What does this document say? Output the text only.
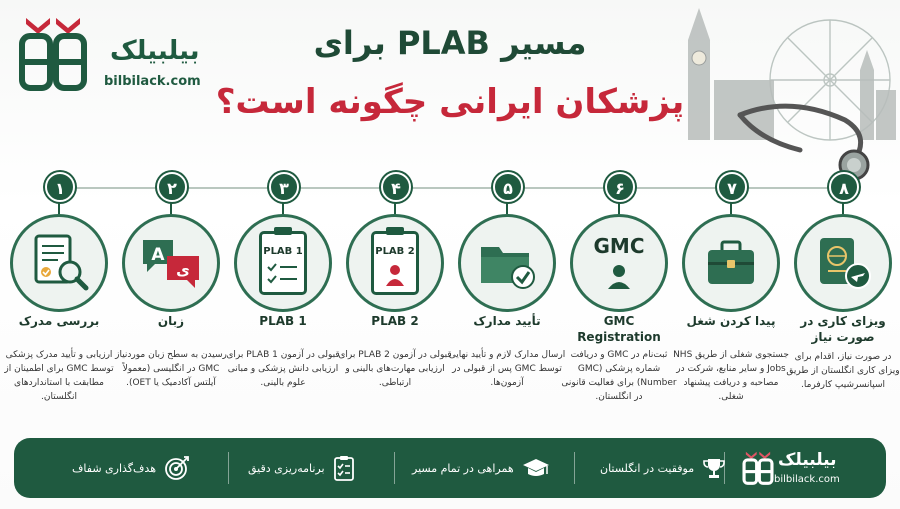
بیلبیلک
bilbilack.com
مسیر PLAB برای
پزشکان ایرانی چگونه است؟
۸
ویزای کاری در صورت نیاز
در صورت نیاز، اقدام برای ویزای کاری انگلستان از طریق اسپانسرشیپ کارفرما.
۷
پیدا کردن شغل
جستجوی شغلی از طریق NHS Jobs و سایر منابع، شرکت در مصاحبه و دریافت پیشنهاد شغلی.
۶
GMC
GMC Registration
ثبت‌نام در GMC و دریافت شماره پزشکی (GMC Number) برای فعالیت قانونی در انگلستان.
۵
تأیید مدارک
ارسال مدارک لازم و تأیید نهایی توسط GMC پس از قبولی در آزمون‌ها.
۴
PLAB 2
PLAB 2
قبولی در آزمون PLAB 2 برای ارزیابی مهارت‌های بالینی و ارتباطی.
۳
PLAB 1
PLAB 1
قبولی در آزمون PLAB 1 برای ارزیابی دانش پزشکی و مبانی علوم بالینی.
۲
A
ی
زبان
رسیدن به سطح زبان موردنیاز GMC در انگلیسی (معمولاً آیلتس آکادمیک یا OET).
۱
بررسی مدرک
ارزیابی و تأیید مدرک پزشکی توسط GMC برای اطمینان از مطابقت با استانداردهای انگلستان.
بیلبیلک
bilbilack.com
موفقیت در انگلستان
همراهی در تمام مسیر
برنامه‌ریزی دقیق
هدف‌گذاری شفاف
